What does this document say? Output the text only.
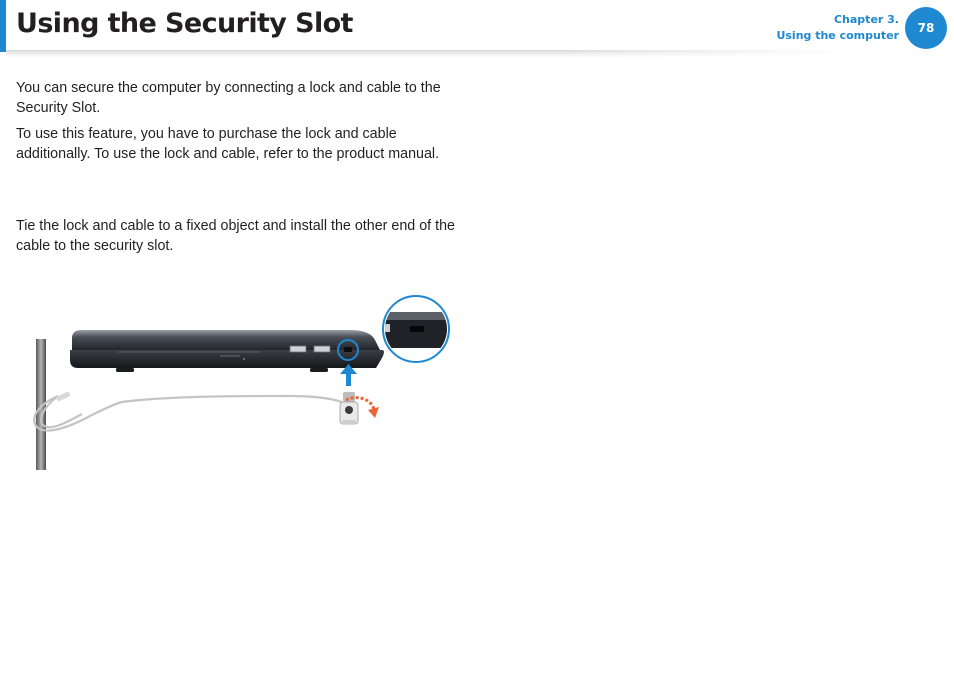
Using the Security Slot	Chapter 3.
Using the computer
78

You can secure the computer by connecting a lock and cable to the Security Slot.

To use this feature, you have to purchase the lock and cable additionally. To use the lock and cable, refer to the product manual.

Tie the lock and cable to a fixed object and install the other end of the cable to the security slot.
